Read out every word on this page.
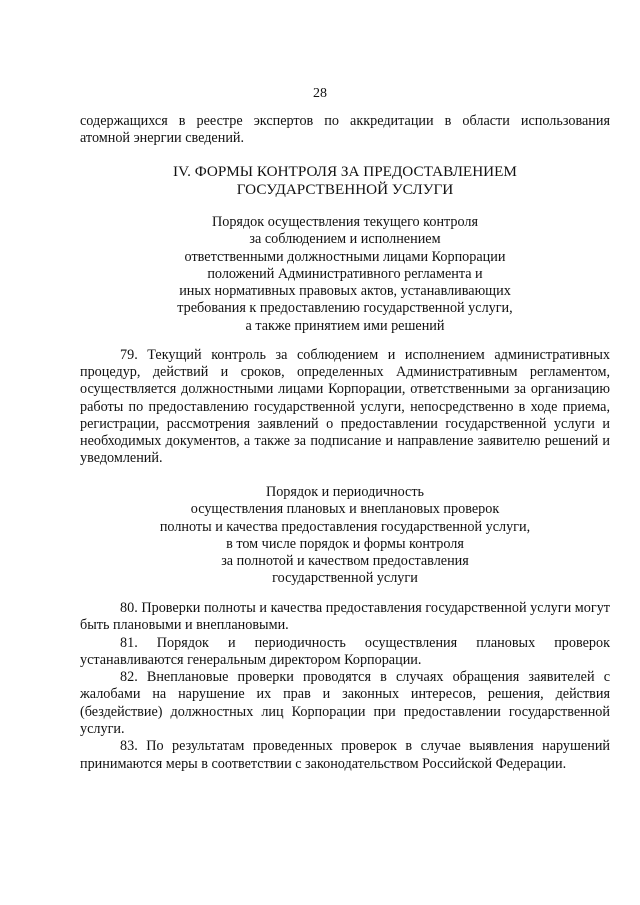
28

содержащихся в реестре экспертов по аккредитации в области использования

атомной энергии сведений.

IV. ФОРМЫ КОНТРОЛЯ ЗА ПРЕДОСТАВЛЕНИЕМ

ГОСУДАРСТВЕННОЙ УСЛУГИ

Порядок осуществления текущего контроля

за соблюдением и исполнением

ответственными должностными лицами Корпорации

положений Административного регламента и

иных нормативных правовых актов, устанавливающих

требования к предоставлению государственной услуги,

а также принятием ими решений

79. Текущий контроль за соблюдением и исполнением административных процедур, действий и сроков, определенных Административным регламентом, осуществляется должностными лицами Корпорации, ответственными за организацию работы по предоставлению государственной услуги, непосредственно в ходе приема, регистрации, рассмотрения заявлений о предоставлении государственной услуги и необходимых документов, а также за подписание и направление заявителю решений и уведомлений.

Порядок и периодичность

осуществления плановых и внеплановых проверок

полноты и качества предоставления государственной услуги,

в том числе порядок и формы контроля

за полнотой и качеством предоставления

государственной услуги

80. Проверки полноты и качества предоставления государственной услуги могут быть плановыми и внеплановыми.

81. Порядок и периодичность осуществления плановых проверок устанавливаются генеральным директором Корпорации.

82. Внеплановые проверки проводятся в случаях обращения заявителей с жалобами на нарушение их прав и законных интересов, решения, действия (бездействие) должностных лиц Корпорации при предоставлении государственной услуги.

83. По результатам проведенных проверок в случае выявления нарушений принимаются меры в соответствии с законодательством Российской Федерации.
